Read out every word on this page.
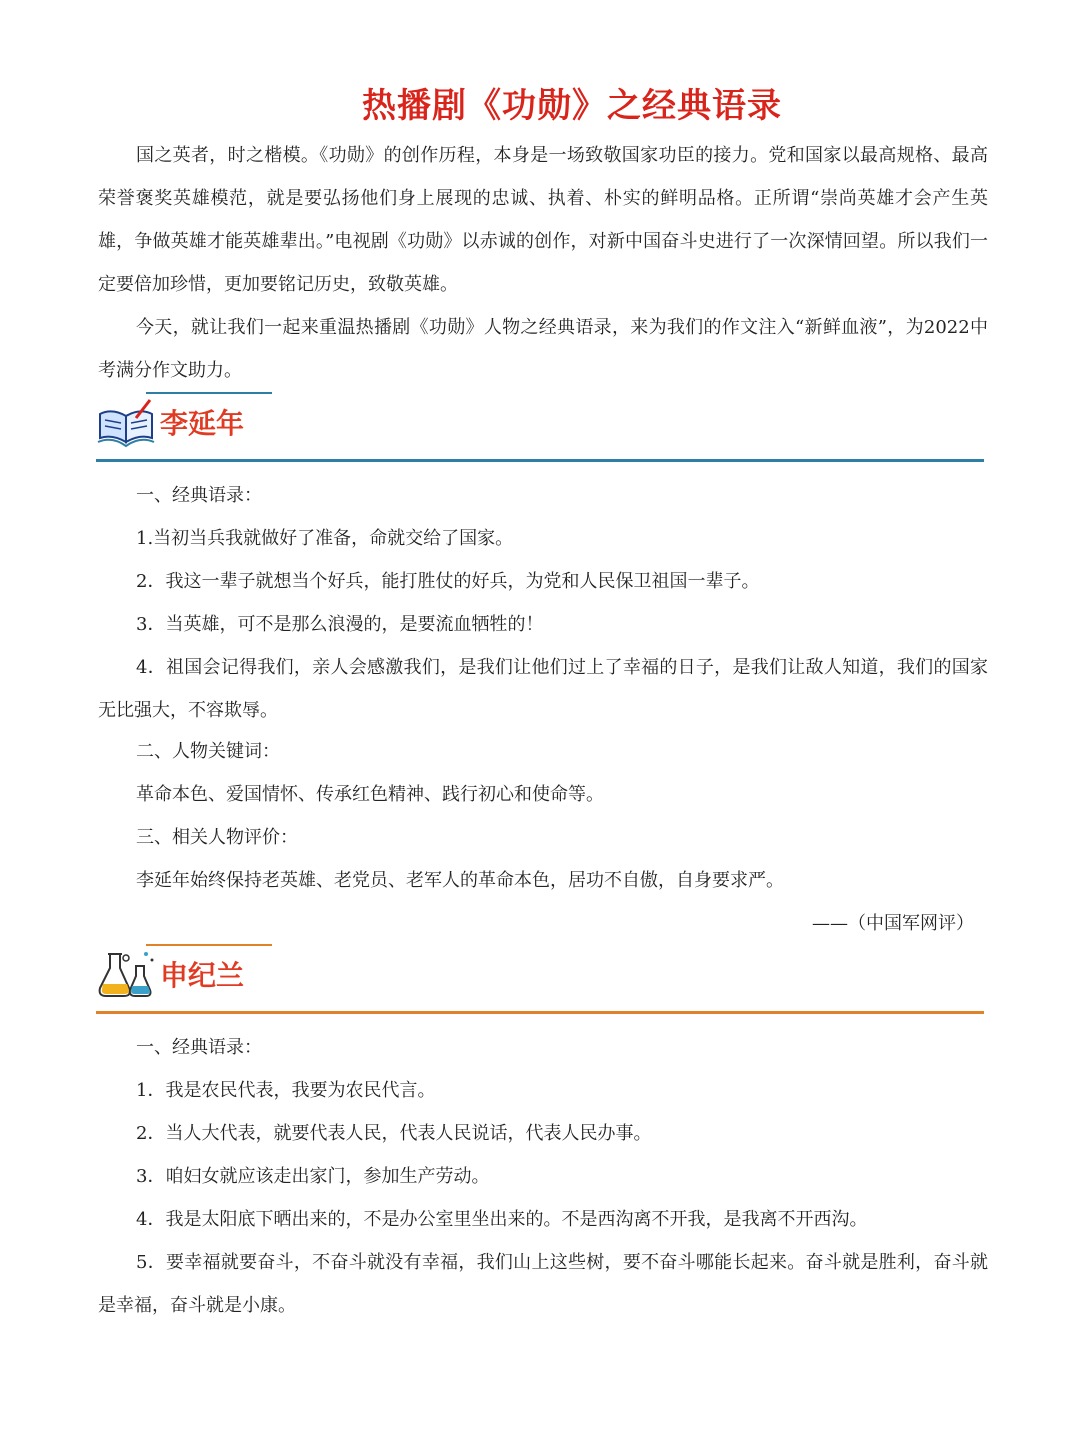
热播剧《功勋》之经典语录

国之英者，时之楷模。《功勋》的创作历程，本身是一场致敬国家功臣的接力。党和国家以最高规格、最高荣誉褒奖英雄模范，就是要弘扬他们身上展现的忠诚、执着、朴实的鲜明品格。正所谓“崇尚英雄才会产生英雄，争做英雄才能英雄辈出。”电视剧《功勋》以赤诚的创作，对新中国奋斗史进行了一次深情回望。所以我们一定要倍加珍惜，更加要铭记历史，致敬英雄。

今天，就让我们一起来重温热播剧《功勋》人物之经典语录，来为我们的作文注入“新鲜血液”，为2022中考满分作文助力。

李延年

一、经典语录：

1.当初当兵我就做好了准备，命就交给了国家。

2．我这一辈子就想当个好兵，能打胜仗的好兵，为党和人民保卫祖国一辈子。

3．当英雄，可不是那么浪漫的，是要流血牺牲的！

4．祖国会记得我们，亲人会感激我们，是我们让他们过上了幸福的日子，是我们让敌人知道，我们的国家无比强大，不容欺辱。

二、人物关键词：

革命本色、爱国情怀、传承红色精神、践行初心和使命等。

三、相关人物评价：

李延年始终保持老英雄、老党员、老军人的革命本色，居功不自傲，自身要求严。

——（中国军网评）

申纪兰

一、经典语录：

1．我是农民代表，我要为农民代言。

2．当人大代表，就要代表人民，代表人民说话，代表人民办事。

3．咱妇女就应该走出家门，参加生产劳动。

4．我是太阳底下晒出来的，不是办公室里坐出来的。不是西沟离不开我，是我离不开西沟。

5．要幸福就要奋斗，不奋斗就没有幸福，我们山上这些树，要不奋斗哪能长起来。奋斗就是胜利，奋斗就是幸福，奋斗就是小康。
